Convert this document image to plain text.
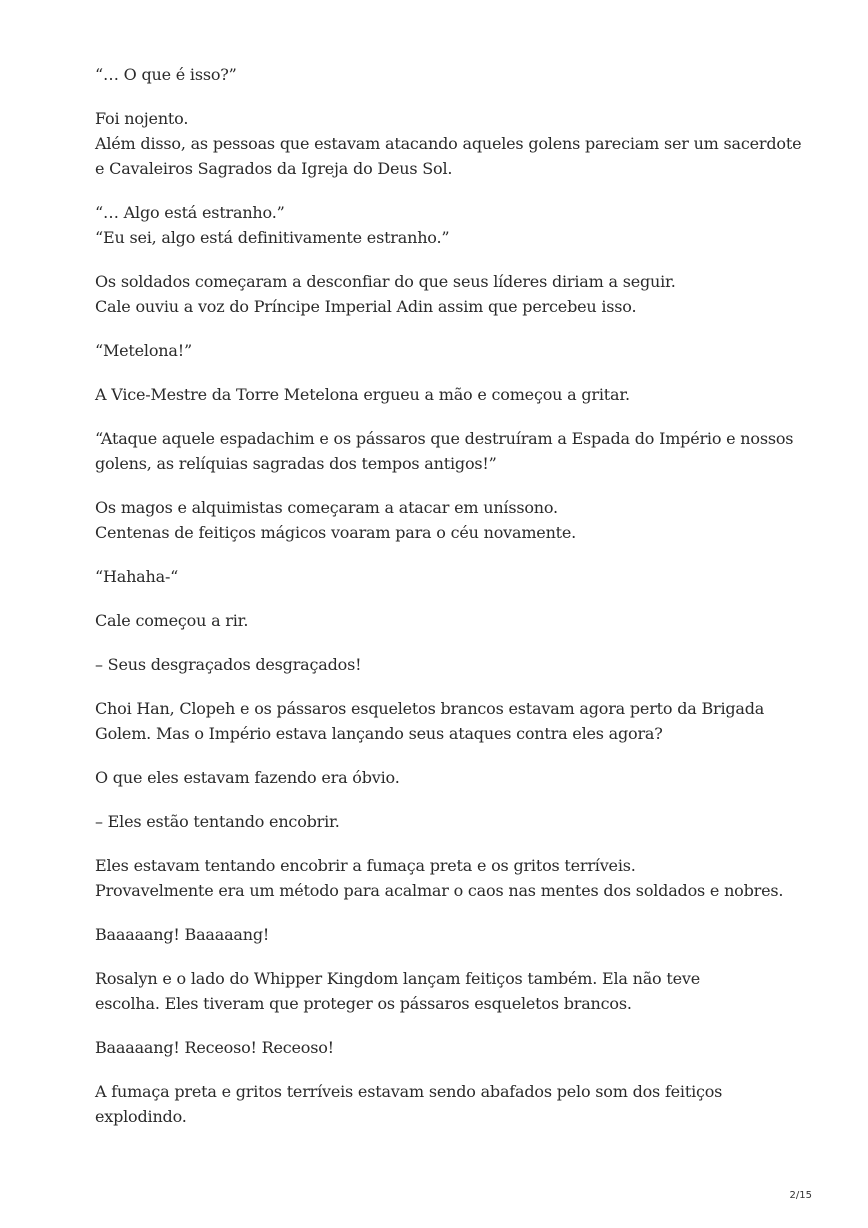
“… O que é isso?”

Foi nojento.
Além disso, as pessoas que estavam atacando aqueles golens pareciam ser um sacerdote
e Cavaleiros Sagrados da Igreja do Deus Sol.

“… Algo está estranho.”
“Eu sei, algo está definitivamente estranho.”

Os soldados começaram a desconfiar do que seus líderes diriam a seguir.
Cale ouviu a voz do Príncipe Imperial Adin assim que percebeu isso.

“Metelona!”

A Vice-Mestre da Torre Metelona ergueu a mão e começou a gritar.

“Ataque aquele espadachim e os pássaros que destruíram a Espada do Império e nossos
golens, as relíquias sagradas dos tempos antigos!”

Os magos e alquimistas começaram a atacar em uníssono.
Centenas de feitiços mágicos voaram para o céu novamente.

“Hahaha-“

Cale começou a rir.

– Seus desgraçados desgraçados!

Choi Han, Clopeh e os pássaros esqueletos brancos estavam agora perto da Brigada
Golem. Mas o Império estava lançando seus ataques contra eles agora?

O que eles estavam fazendo era óbvio.

– Eles estão tentando encobrir.

Eles estavam tentando encobrir a fumaça preta e os gritos terríveis.
Provavelmente era um método para acalmar o caos nas mentes dos soldados e nobres.

Baaaaang! Baaaaang!

Rosalyn e o lado do Whipper Kingdom lançam feitiços também. Ela não teve
escolha. Eles tiveram que proteger os pássaros esqueletos brancos.

Baaaaang! Receoso! Receoso!

A fumaça preta e gritos terríveis estavam sendo abafados pelo som dos feitiços
explodindo.

2/15
